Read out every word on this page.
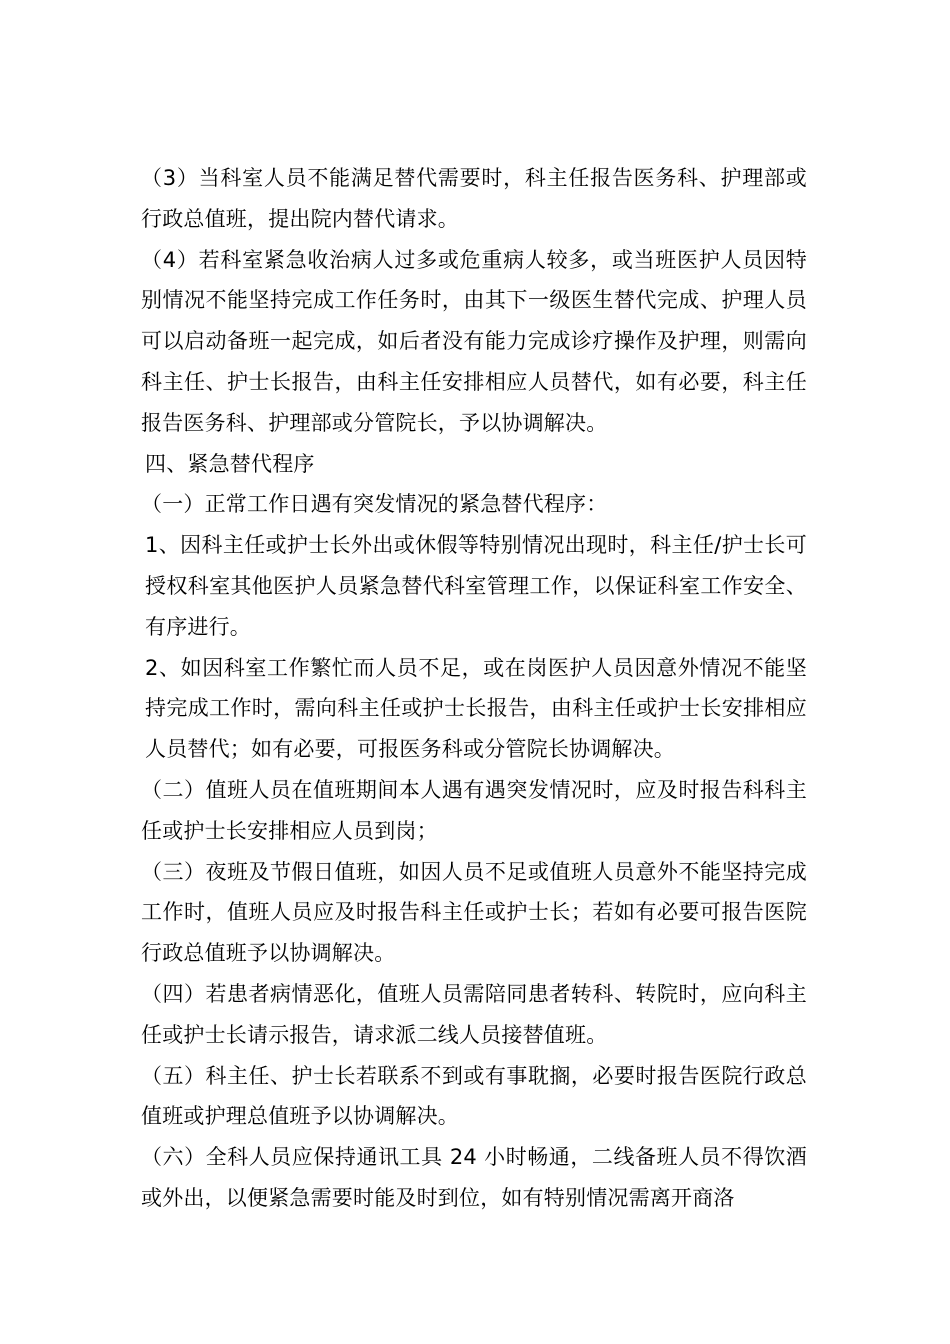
（3）当科室人员不能满足替代需要时，科主任报告医务科、护理部或行政总值班，提出院内替代请求。

（4）若科室紧急收治病人过多或危重病人较多，或当班医护人员因特别情况不能坚持完成工作任务时，由其下一级医生替代完成、护理人员可以启动备班一起完成，如后者没有能力完成诊疗操作及护理，则需向科主任、护士长报告，由科主任安排相应人员替代，如有必要，科主任报告医务科、护理部或分管院长，予以协调解决。

四、紧急替代程序

（一）正常工作日遇有突发情况的紧急替代程序：

1、因科主任或护士长外出或休假等特别情况出现时，科主任/护士长可授权科室其他医护人员紧急替代科室管理工作，以保证科室工作安全、有序进行。

2、如因科室工作繁忙而人员不足，或在岗医护人员因意外情况不能坚持完成工作时，需向科主任或护士长报告，由科主任或护士长安排相应人员替代；如有必要，可报医务科或分管院长协调解决。

（二）值班人员在值班期间本人遇有遇突发情况时，应及时报告科科主任或护士长安排相应人员到岗；

（三）夜班及节假日值班，如因人员不足或值班人员意外不能坚持完成工作时，值班人员应及时报告科主任或护士长；若如有必要可报告医院行政总值班予以协调解决。

（四）若患者病情恶化，值班人员需陪同患者转科、转院时，应向科主任或护士长请示报告，请求派二线人员接替值班。

（五）科主任、护士长若联系不到或有事耽搁，必要时报告医院行政总值班或护理总值班予以协调解决。

（六）全科人员应保持通讯工具 24 小时畅通，二线备班人员不得饮酒或外出，以便紧急需要时能及时到位，如有特别情况需离开商洛
